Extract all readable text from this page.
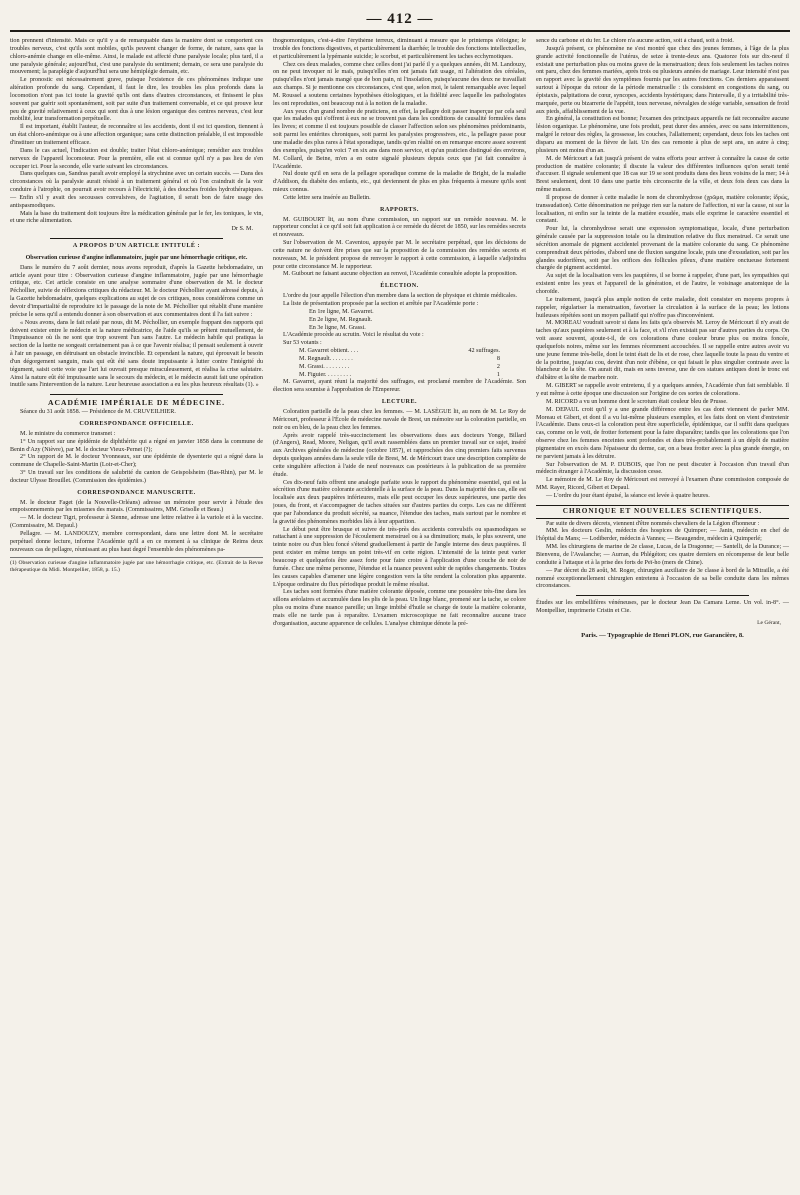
— 412 —

tion prennent d'intensité. Mais ce qu'il y a de remarquable dans la manière dont se comportent ces troubles nerveux, c'est qu'ils sont mobiles, qu'ils peuvent changer de forme, de nature, sans que la chloro-anémie change en elle-même. Ainsi, le malade est affecté d'une paralysie locale; plus tard, il a une paralysie générale; aujourd'hui, c'est une paralysie du sentiment; demain, ce sera une paralysie du mouvement; la paraplégie d'aujourd'hui sera une hémiplégie demain, etc.

Le pronostic est nécessairement grave, puisque l'existence de ces phénomènes indique une altération profonde du sang. Cependant, il faut le dire, les troubles les plus profonds dans la locomotion n'ont pas ici toute la gravité qu'ils ont dans d'autres circonstances, et finissent le plus souvent par guérir soit spontanément, soit par suite d'un traitement convenable, et ce qui prouve leur peu de gravité relativement à ceux qui sont dus à une lésion organique des centres nerveux, c'est leur mobilité, leur transformation perpétuelle.

Il est important, établit l'auteur, de reconnaître si les accidents, dont il est ici question, tiennent à un état chloro-anémique ou à une affection organique; sans cette distinction préalable, il est impossible d'instituer un traitement efficace.

Dans le cas actuel, l'indication est double; traiter l'état chloro-anémique; remédier aux troubles nerveux de l'appareil locomoteur. Pour la première, elle est si connue qu'il n'y a pas lieu de s'en occuper ici. Pour la seconde, elle varie suivant les circonstances.

Dans quelques cas, Sandras paraît avoir employé la strychnine avec un certain succès. — Dans des circonstances où la paralysie aurait résisté à un traitement général et où l'on craindrait de la voir conduire à l'atrophie, on pourrait avoir recours à l'électricité, à des douches froides hydrothérapiques. — Enfin s'il y avait des secousses convulsives, de l'agitation, il serait bon de faire usage des antispasmodiques.

Mais la base du traitement doit toujours être la médication générale par le fer, les toniques, le vin, et une riche alimentation.

Dr S. M.
A PROPOS D'UN ARTICLE INTITULÉ :
Observation curieuse d'angine inflammatoire, jugée par une hémorrhagie critique, etc.

Dans le numéro du 7 août dernier, nous avons reproduit, d'après la Gazette hebdomadaire, un article ayant pour titre : Observation curieuse d'angine inflammatoire, jugée par une hémorrhagie critique, etc. Cet article consiste en une analyse sommaire d'une observation de M. le docteur Péchollier, suivie de réflexions critiques du rédacteur. M. le docteur Péchollier ayant adressé depuis, à la Gazette hebdomadaire, quelques explications au sujet de ces critiques, nous considérons comme un devoir d'impartialité de reproduire ici le passage de la note de M. Péchollier qui rétablit d'une manière précise le sens qu'il a entendu donner à son observation et aux commentaires dont il l'a fait suivre :

« Nous avons, dans le fait relaté par nous, dit M. Péchollier, un exemple frappant des rapports qui doivent exister entre le médecin et la nature médicatrice, de l'aide qu'ils se prêtent mutuellement, de l'impuissance où ils ne sont que trop souvent l'un sans l'autre. Le médecin habile qui pratiqua la section de la luette ne songeait certainement pas à ce que l'avenir réalisa; il pensait seulement à ouvrir à l'air un passage, en détruisant un obstacle invincible. Et cependant la nature, qui éprouvait le besoin d'un dégorgement sanguin, mais qui eût été sans doute impuissante à lutter contre l'intégrité du tégument, saisit cette voie que l'art lui ouvrait presque miraculeusement, et réalisa la crise salutaire. Ainsi la nature eût été impuissante sans le secours du médecin, et le médecin aurait fait une opération inutile sans l'intervention de la nature. Leur heureuse association a eu les plus heureux résultats (1). »

ACADÉMIE IMPÉRIALE DE MÉDECINE.

Séance du 31 août 1858. — Présidence de M. CRUVEILHIER.

CORRESPONDANCE OFFICIELLE.

M. le ministre du commerce transmet :

1° Un rapport sur une épidémie de diphthérite qui a régné en janvier 1858 dans la commune de Benin d'Azy (Nièvre), par M. le docteur Vieux-Pernet (?);

2° Un rapport de M. le docteur Yvonneaux, sur une épidémie de dysenterie qui a régné dans la commune de Chapelle-Saint-Martin (Loir-et-Cher);

3° Un travail sur les conditions de salubrité du canton de Geispolsheim (Bas-Rhin), par M. le docteur Ulysse Brouillet. (Commission des épidémies.)

CORRESPONDANCE MANUSCRITE.

M. le docteur Faget (de la Nouvelle-Orléans) adresse un mémoire pour servir à l'étude des empoisonnements par les miasmes des marais. (Commissaires, MM. Grisolle et Beau.)

— M. le docteur Tigri, professeur à Sienne, adresse une lettre relative à la variole et à la vaccine. (Commissaire, M. Depaul.)

Pellagre. — M. LANDOUZY, membre correspondant, dans une lettre dont M. le secrétaire perpétuel donne lecture, informe l'Académie qu'il a en ce moment à sa clinique de Reims deux nouveaux cas de pellagre, réunissant au plus haut degré l'ensemble des phénomènes pa-

(1) Observation curieuse d'angine inflammatoire jugée par une hémorrhagie critique, etc. (Extrait de la Revue thérapeutique du Midi. Montpellier, 1858, p. 15.)

thognomoniques, c'est-à-dire l'érythème terreux, diminuant à mesure que le printemps s'éloigne; le trouble des fonctions digestives, et particulièrement la diarrhée; le trouble des fonctions intellectuelles, et particulièrement la lypémanie suicide; le scorbut, et particulièrement les taches ecchymotiques.

Chez ces deux malades, comme chez celles dont j'ai parlé il y a quelques années, dit M. Landouzy, on ne peut invoquer ni le maïs, puisqu'elles n'en ont jamais fait usage, ni l'altération des céréales, puisqu'elles n'ont jamais mangé que de bon pain, ni l'insolation, puisqu'aucune des deux ne travaillait aux champs. Si je mentionne ces circonstances, c'est que, selon moi, le talent remarquable avec lequel M. Roussel a soutenu certaines hypothèses étiologiques, et la fidélité avec laquelle les pathologistes les ont reproduites, ont beaucoup nui à la notion de la maladie.

Aux yeux d'un grand nombre de praticiens, en effet, la pellagre doit passer inaperçue par cela seul que les malades qui s'offrent à eux ne se trouvent pas dans les conditions de causalité formulées dans les livres; et comme il est toujours possible de classer l'affection selon ses phénomènes prédominants, soit parmi les entérites chroniques, soit parmi les paralysies progressives, etc., la pellagre passe pour une maladie des plus rares à l'état sporadique, tandis qu'en réalité on en remarque encore assez souvent des exemples, puisqu'en voici 7 en six ans dans mon service, et qu'un praticien distingué des environs, M. Collard, de Beine, m'en a en outre signalé plusieurs depuis ceux que j'ai fait connaître à l'Académie.

Nul doute qu'il en sera de la pellagre sporadique comme de la maladie de Bright, de la maladie d'Addison, du diabète des enfants, etc., qui deviennent de plus en plus fréquents à mesure qu'ils sont mieux connus.

Cette lettre sera insérée au Bulletin.

RAPPORTS.

M. GUIBOURT lit, au nom d'une commission, un rapport sur un remède nouveau. M. le rapporteur conclut à ce qu'il soit fait application à ce remède du décret de 1850, sur les remèdes secrets et nouveaux.

Sur l'observation de M. Caventou, appuyée par M. le secrétaire perpétuel, que les décisions de cette nature ne doivent être prises que sur la proposition de la commission des remèdes secrets et nouveaux, M. le président propose de renvoyer le rapport à cette commission, à laquelle s'adjoindra pour cette circonstance M. le rapporteur.

M. Guibourt ne faisant aucune objection au renvoi, l'Académie consultée adopte la proposition.

ÉLECTION.

L'ordre du jour appelle l'élection d'un membre dans la section de physique et chimie médicales.

La liste de présentation proposée par la section et arrêtée par l'Académie porte :

En 1re ligne, M. Gavarret.

En 2e ligne, M. Regnault.

En 3e ligne, M. Grassi.

L'Académie procède au scrutin. Voici le résultat du vote :

Sur 53 votants :

M. Gavarret obtient. . . .	42 suffrages.
M. Regnault. . . . . . . .	8
M. Grassi. . . . . . . . .	2
M. Figuier. . . . . . . . .	1

M. Gavarret, ayant réuni la majorité des suffrages, est proclamé membre de l'Académie. Son élection sera soumise à l'approbation de l'Empereur.

LECTURE.

Coloration partielle de la peau chez les femmes. — M. LASÈGUE lit, au nom de M. Le Roy de Méricourt, professeur à l'École de médecine navale de Brest, un mémoire sur la coloration partielle, en noir ou en bleu, de la peau chez les femmes.

Après avoir rappelé très-succinctement les observations dues aux docteurs Yonge, Billard (d'Angers), Read, Moore, Neligan, qu'il avait rassemblées dans un premier travail sur ce sujet, inséré aux Archives générales de médecine (octobre 1857), et rapprochées des cinq premiers faits survenus depuis quelques années dans la seule ville de Brest, M. de Méricourt trace une description complète de cette singulière affection à l'aide de neuf nouveaux cas postérieurs à la publication de sa première étude.

Ces dix-neuf faits offrent une analogie parfaite sous le rapport du phénomène essentiel, qui est la sécrétion d'une matière colorante accidentelle à la surface de la peau. Dans la majorité des cas, elle est localisée aux deux paupières inférieures, mais elle peut occuper les deux supérieures, une partie des joues, du front, et s'accompagner de taches situées sur d'autres parties du corps. Les cas ne diffèrent que par l'abondance du produit sécrété, sa nuance, l'étendue des taches, mais surtout par le nombre et la gravité des phénomènes morbides liés à leur apparition.

Le début peut être brusque et suivre de très-près des accidents convulsifs ou spasmodiques se rattachant à une suppression de l'écoulement menstruel ou à sa diminution; mais, le plus souvent, une teinte noire ou d'un bleu foncé s'étend graduellement à partir de l'angle interne des deux paupières. Il peut exister en même temps un point très-vif en cette région. L'intensité de la teinte peut varier beaucoup et quelquefois être assez forte pour faire croire à l'application d'une couche de noir de fumée. Chez une même personne, l'étendue et la nuance peuvent subir de rapides changements. Toutes les causes capables d'amener une légère congestion vers la tête rendent la coloration plus apparente. L'époque ordinaire du flux périodique produit le même résultat.

Les taches sont formées d'une matière colorante déposée, comme une poussière très-fine dans les sillons aréolaires et accumulée dans les plis de la peau. Un linge blanc, promené sur la tache, se colore plus ou moins d'une nuance pareille; un linge imbibé d'huile se charge de toute la matière colorante, mais elle ne tarde pas à reparaître. L'examen microscopique ne fait reconnaître aucune trace d'organisation, aucune apparence de cellules. L'analyse chimique dénote la pré-

sence du carbone et du fer. Le chlore n'a aucune action, soit à chaud, soit à froid.

Jusqu'à présent, ce phénomène ne s'est montré que chez des jeunes femmes, à l'âge de la plus grande activité fonctionnelle de l'utérus, de seize à trente-deux ans. Quatorze fois sur dix-neuf il existait une perturbation plus ou moins grave de la menstruation; deux fois seulement les taches noires ont paru, chez des femmes mariées, après trois ou plusieurs années de mariage. Leur intensité n'est pas en rapport avec la gravité des symptômes fournis par les autres fonctions. Ces derniers apparaissent surtout à l'époque du retour de la période menstruelle : ils consistent en congestions du sang, ou épistaxis, palpitations de cœur, syncopes, accidents hystériques; dans l'intervalle, il y a irritabilité très-marquée, perte ou bizarrerie de l'appétit, toux nerveuse, névralgies de siége variable, sensation de froid aux pieds, affaiblissement de la vue.

En général, la constitution est bonne; l'examen des principaux appareils ne fait reconnaître aucune lésion organique. Le phénomène, une fois produit, peut durer des années, avec ou sans intermittences, malgré le retour des règles, la grossesse, les couches, l'allaitement; cependant, deux fois les taches ont disparu au moment de la fièvre de lait. Un des cas remonte à plus de sept ans, un autre à cinq; plusieurs ont moins d'un an.

M. de Méricourt a fait jusqu'à présent de vains efforts pour arriver à connaître la cause de cette production de matière colorante; il discute la valeur des différentes influences qu'on serait tenté d'accuser. Il signale seulement que 18 cas sur 19 se sont produits dans des lieux voisins de la mer; 14 à Brest seulement, dont 10 dans une partie très circonscrite de la ville, et deux fois deux cas dans la même maison.

Il propose de donner à cette maladie le nom de chromhydrose (χρῶμα, matière colorante; ἱδρώς, transsudation). Cette dénomination ne préjuge rien sur la nature de l'affection, ni sur la cause, ni sur la localisation, ni enfin sur la teinte de la matière exsudée, mais elle exprime le caractère essentiel et constant.

Pour lui, la chromhydrose serait une expression symptomatique, locale, d'une perturbation générale causée par la suppression totale ou la diminution relative du flux menstruel. Ce serait une sécrétion anomale de pigment accidentel provenant de la matière colorante du sang. Ce phénomène comprendrait deux périodes, d'abord une de fluxion sanguine locale, puis une d'exsudation, soit par les glandes sudorifères, soit par les orifices des follicules pileux, d'une matière onctueuse fortement chargée de pigment accidentel.

Au sujet de la localisation vers les paupières, il se borne à rappeler, d'une part, les sympathies qui existent entre les yeux et l'appareil de la génération, et de l'autre, le voisinage anatomique de la choroïde.

Le traitement, jusqu'à plus ample notion de cette maladie, doit consister en moyens propres à rappeler, régulariser la menstruation, favoriser la circulation à la surface de la peau; les lotions huileuses répétées sont un moyen palliatif qui n'offre pas d'inconvénient.

M. MOREAU voudrait savoir si dans les faits qu'a observés M. Leroy de Méricourt il n'y avait de taches qu'aux paupières seulement et à la face, et s'il n'en existait pas sur d'autres parties du corps. On voit assez souvent, ajoute-t-il, de ces colorations d'une couleur brune plus ou moins foncée, quelquefois noires, même sur les femmes récemment accouchées. Il se rappelle entre autres avoir vu une jeune femme très-belle, dont le teint était de lis et de rose, chez laquelle toute la peau du ventre et de la poitrine, jusqu'au cou, devint d'un noir d'ébène, ce qui faisait le plus singulier contraste avec la blancheur de la tête. On aurait dit, mais en sens inverse, une de ces statues antiques dont le tronc est d'albâtre et la tête de marbre noir.

M. GIBERT se rappelle avoir entretenu, il y a quelques années, l'Académie d'un fait semblable. Il y eut même à cette époque une discussion sur l'origine de ces sortes de colorations.

M. RICORD a vu un homme dont le scrotum était couleur bleu de Prusse.

M. DEPAUL croit qu'il y a une grande différence entre les cas dont viennent de parler MM. Moreau et Gibert, et dont il a vu lui-même plusieurs exemples, et les faits dont on vient d'entretenir l'Académie. Dans ceux-ci la coloration peut être superficielle, épidémique, car il suffit dans quelques cas, comme on le voit, de frotter fortement pour la faire disparaître; tandis que les colorations que l'on observe chez les femmes enceintes sont profondes et dues très-probablement à un dépôt de matière pigmentaire en excès dans l'épaisseur du derme, car, on a beau frotter avec la plus grande énergie, on ne parvient jamais à les détruire.

Sur l'observation de M. P. DUBOIS, que l'on ne peut discuter à l'occasion d'un travail d'un médecin étranger à l'Académie, la discussion cesse.

Le mémoire de M. Le Roy de Méricourt est renvoyé à l'examen d'une commission composée de MM. Rayer, Ricord, Gibert et Depaul.

— L'ordre du jour étant épuisé, la séance est levée à quatre heures.

CHRONIQUE ET NOUVELLES SCIENTIFIQUES.

Par suite de divers décrets, viennent d'être nommés chevaliers de la Légion d'honneur :

MM. les docteurs Geslin, médecin des hospices de Quimper; — Janin, médecin en chef de l'hôpital du Mans; — Lodiberder, médecin à Vannes; — Beaugendre, médecin à Quimperlé;

MM. les chirurgiens de marine de 2e classe, Lucas, de la Dragonne; — Santelli, de la Durance; — Bienvenu, de l'Avalanche; — Aurran, du Phlégéton; ces quatre derniers en récompense de leur belle conduite à l'attaque et à la prise des forts de Peï-ho (mers de Chine).

— Par décret du 28 août, M. Roger, chirurgien auxiliaire de 3e classe à bord de la Mitraille, a été nommé exceptionnellement chirurgien entretenu à l'occasion de sa belle conduite dans les mêmes circonstances.

Études sur les embellifères vénéneuses, par le docteur Jean Da Camara Leme. Un vol. in-8°. — Montpellier, imprimerie Cristin et Cie.

Le Gérant,
Paris. — Typographie de Henri PLON, rue Garancière, 8.
